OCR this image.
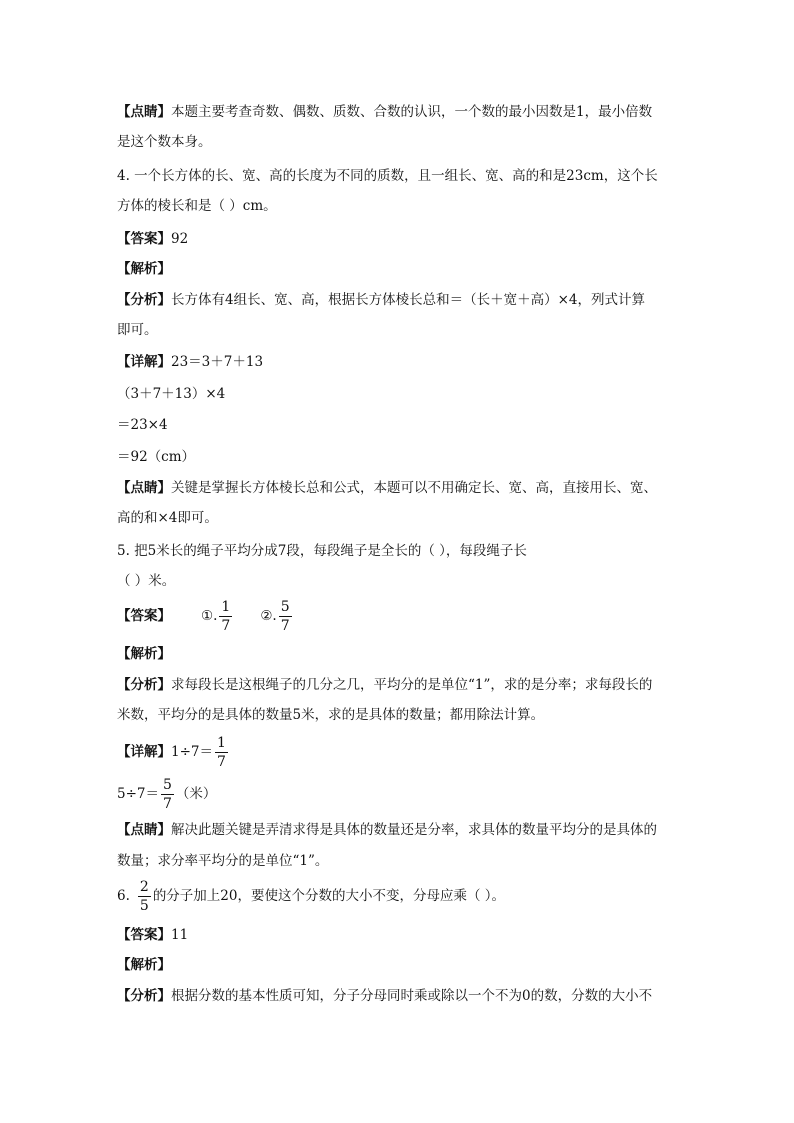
【点睛】本题主要考查奇数、偶数、质数、合数的认识，一个数的最小因数是1，最小倍数
是这个数本身。
4. 一个长方体的长、宽、高的长度为不同的质数，且一组长、宽、高的和是23cm，这个长
方体的棱长和是（ ）cm。
【答案】92
【解析】
【分析】长方体有4组长、宽、高，根据长方体棱长总和＝（长＋宽＋高）×4，列式计算
即可。
【详解】23＝3＋7＋13
（3＋7＋13）×4
＝23×4
＝92（cm）
【点睛】关键是掌握长方体棱长总和公式，本题可以不用确定长、宽、高，直接用长、宽、
高的和×4即可。
5. 把5米长的绳子平均分成7段，每段绳子是全长的（ ），每段绳子长
（ ）米。
【答案】 ①. $\frac{1}{7}$ ②. $\frac{5}{7}$
【解析】
【分析】求每段长是这根绳子的几分之几，平均分的是单位“1”，求的是分率；求每段长的
米数，平均分的是具体的数量5米，求的是具体的数量；都用除法计算。
【详解】$1\div 7= \frac{1}{7}$
$5\div 7= \frac{5}{7}$ （米）
【点睛】解决此题关键是弄清求得是具体的数量还是分率，求具体的数量平均分的是具体的
数量；求分率平均分的是单位“1”。
6. $\frac{2}{5}$ 的分子加上20，要使这个分数的大小不变，分母应乘（ ）。
【答案】11
【解析】
【分析】根据分数的基本性质可知，分子分母同时乘或除以一个不为0的数，分数的大小不
